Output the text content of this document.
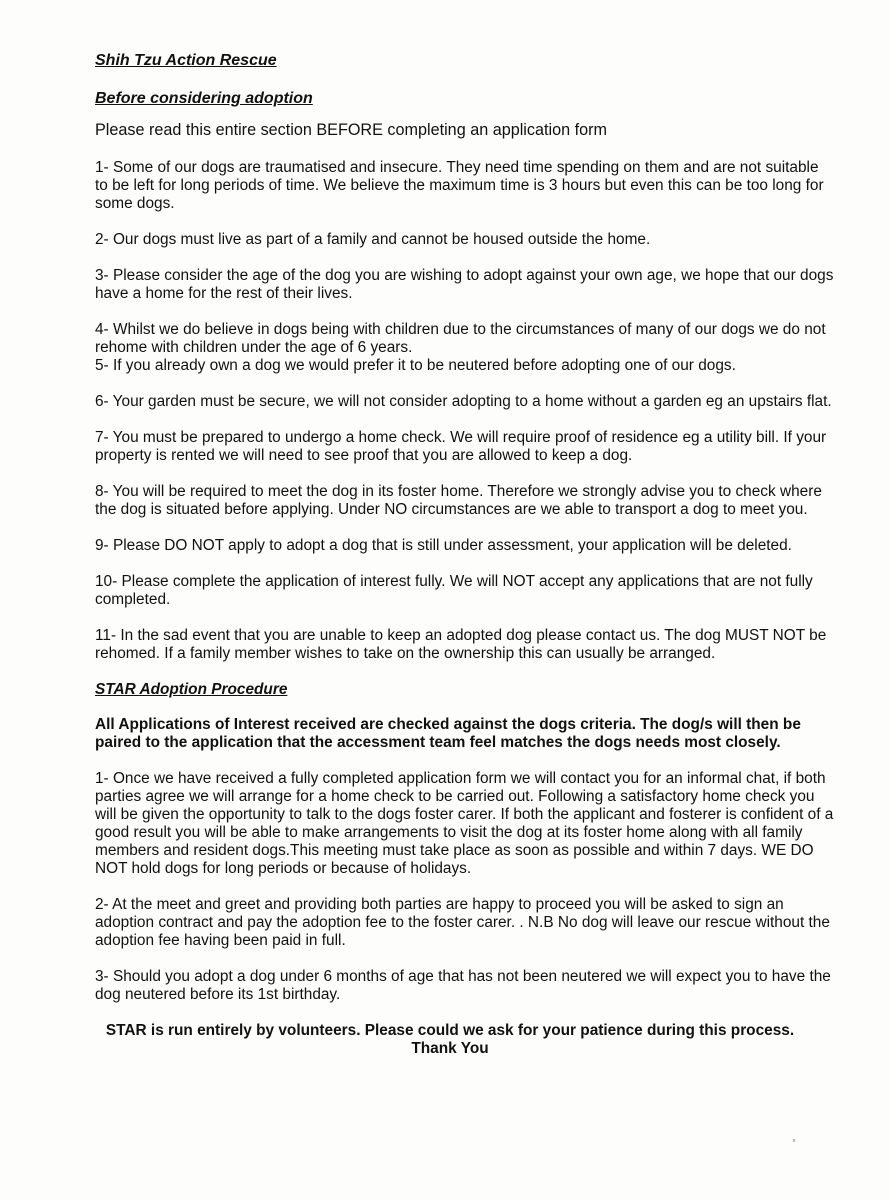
Shih Tzu Action Rescue
Before considering adoption
Please read this entire section BEFORE completing an application form
1- Some of our dogs are traumatised and insecure. They need time spending on them and are not suitable to be left for long periods of time. We believe the maximum time is 3 hours but even this can be too long for some dogs.
2- Our dogs must live as part of a family and cannot be housed outside the home.
3- Please consider the age of the dog you are wishing to adopt against your own age, we hope that our dogs have a home for the rest of their lives.
4- Whilst we do believe in dogs being with children due to the circumstances of many of our dogs we do not rehome with children under the age of 6 years.
5- If you already own a dog we would prefer it to be neutered before adopting one of our dogs.
6- Your garden must be secure, we will not consider adopting to a home without a garden eg an upstairs flat.
7- You must be prepared to undergo a home check. We will require proof of residence eg a utility bill. If your property is rented we will need to see proof that you are allowed to keep a dog.
8- You will be required to meet the dog in its foster home. Therefore we strongly advise you to check where the dog is situated before applying. Under NO circumstances are we able to transport a dog to meet you.
9- Please DO NOT apply to adopt a dog that is still under assessment, your application will be deleted.
10- Please complete the application of interest fully. We will NOT accept any applications that are not fully completed.
11- In the sad event that you are unable to keep an adopted dog please contact us. The dog MUST NOT be rehomed. If a family member wishes to take on the ownership this can usually be arranged.
STAR Adoption Procedure
All Applications of Interest received are checked against the dogs criteria. The dog/s will then be paired to the application that the accessment team feel matches the dogs needs most closely.
1- Once we have received a fully completed application form we will contact you for an informal chat, if both parties agree we will arrange for a home check to be carried out. Following a satisfactory home check you will be given the opportunity to talk to the dogs foster carer. If both the applicant and fosterer is confident of a good result you will be able to make arrangements to visit the dog at its foster home along with all family members and resident dogs.This meeting must take place as soon as possible and within 7 days. WE DO NOT hold dogs for long periods or because of holidays.
2- At the meet and greet and providing both parties are happy to proceed you will be asked to sign an adoption contract and pay the adoption fee to the foster carer. . N.B No dog will leave our rescue without the adoption fee having been paid in full.
3- Should you adopt a dog under 6 months of age that has not been neutered we will expect you to have the dog neutered before its 1st birthday.
STAR is run entirely by volunteers. Please could we ask for your patience during this process.
Thank You
